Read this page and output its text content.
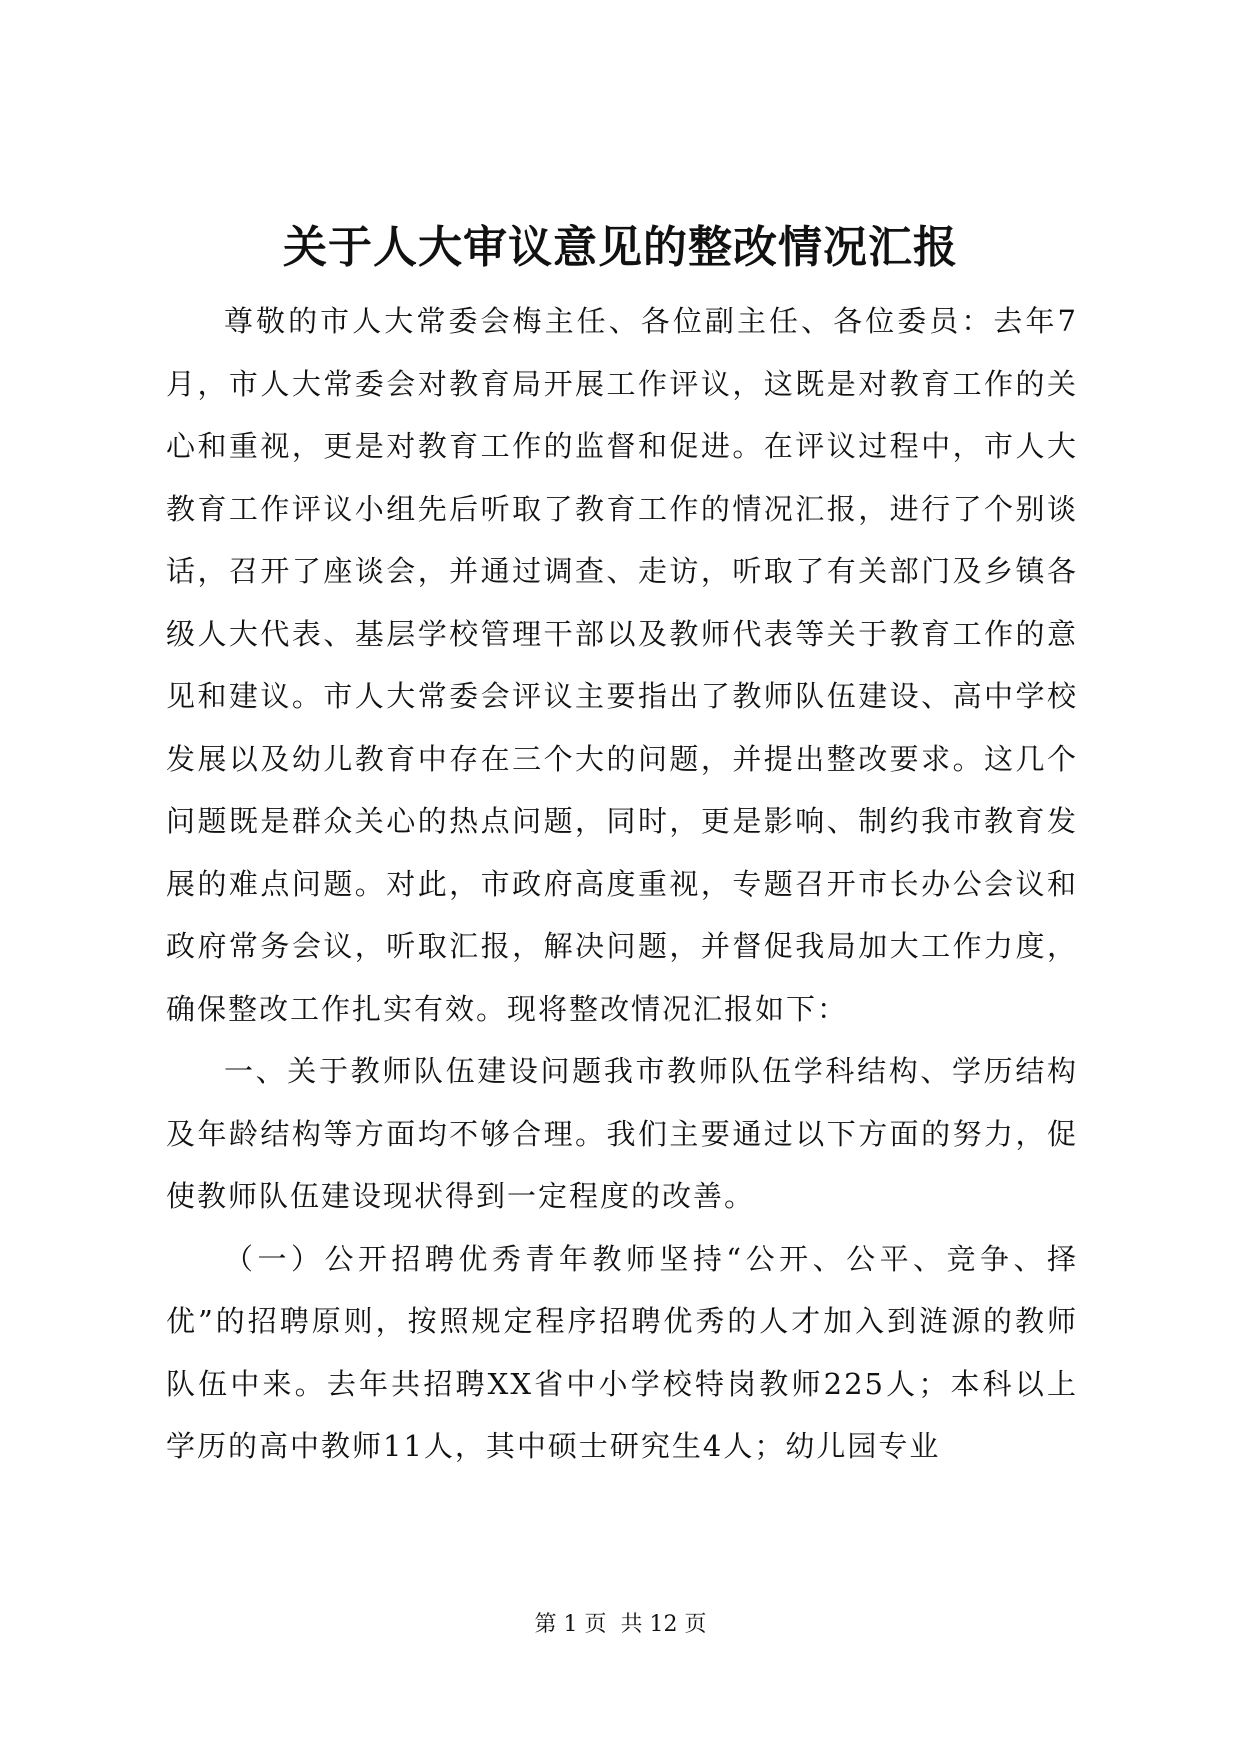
关于人大审议意见的整改情况汇报

尊敬的市人大常委会梅主任、各位副主任、各位委员：去年7月，市人大常委会对教育局开展工作评议，这既是对教育工作的关心和重视，更是对教育工作的监督和促进。在评议过程中，市人大教育工作评议小组先后听取了教育工作的情况汇报，进行了个别谈话，召开了座谈会，并通过调查、走访，听取了有关部门及乡镇各级人大代表、基层学校管理干部以及教师代表等关于教育工作的意见和建议。市人大常委会评议主要指出了教师队伍建设、高中学校发展以及幼儿教育中存在三个大的问题，并提出整改要求。这几个问题既是群众关心的热点问题，同时，更是影响、制约我市教育发展的难点问题。对此，市政府高度重视，专题召开市长办公会议和政府常务会议，听取汇报，解决问题，并督促我局加大工作力度，确保整改工作扎实有效。现将整改情况汇报如下：

一、关于教师队伍建设问题我市教师队伍学科结构、学历结构及年龄结构等方面均不够合理。我们主要通过以下方面的努力，促使教师队伍建设现状得到一定程度的改善。

（一）公开招聘优秀青年教师坚持“公开、公平、竞争、择优”的招聘原则，按照规定程序招聘优秀的人才加入到涟源的教师队伍中来。去年共招聘XX省中小学校特岗教师225人；本科以上学历的高中教师11人，其中硕士研究生4人；幼儿园专业

第 1 页  共 12 页
